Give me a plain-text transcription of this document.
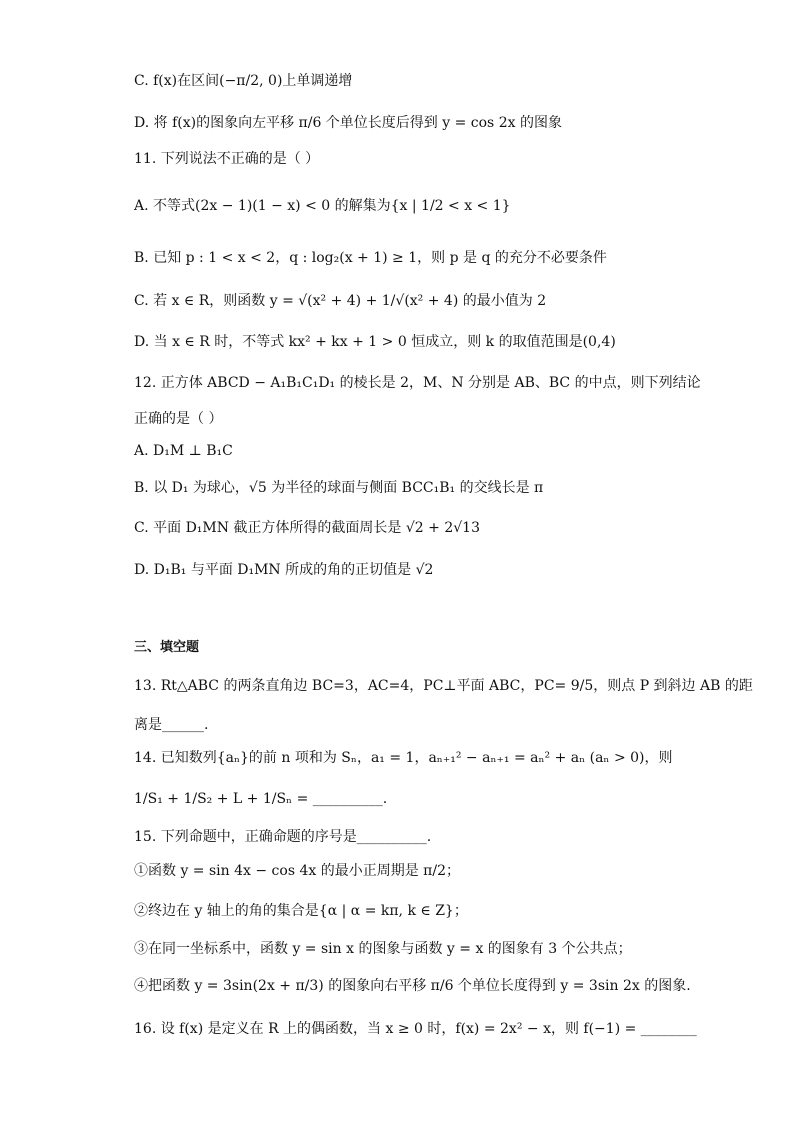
C. f(x)在区间(−π/2, 0)上单调递增
D. 将 f(x)的图象向左平移 π/6 个单位长度后得到 y = cos 2x 的图象
11. 下列说法不正确的是（ ）
A. 不等式(2x − 1)(1 − x) < 0 的解集为{x | 1/2 < x < 1}
B. 已知 p : 1 < x < 2，q : log₂(x + 1) ≥ 1，则 p 是 q 的充分不必要条件
C. 若 x ∈ R，则函数 y = √(x² + 4) + 1/√(x² + 4) 的最小值为 2
D. 当 x ∈ R 时，不等式 kx² + kx + 1 > 0 恒成立，则 k 的取值范围是(0,4)
12. 正方体 ABCD − A₁B₁C₁D₁ 的棱长是 2，M、N 分别是 AB、BC 的中点，则下列结论
正确的是（ ）
A. D₁M ⊥ B₁C
B. 以 D₁ 为球心，√5 为半径的球面与侧面 BCC₁B₁ 的交线长是 π
C. 平面 D₁MN 截正方体所得的截面周长是 √2 + 2√13
D. D₁B₁ 与平面 D₁MN 所成的角的正切值是 √2
三、填空题
13. Rt△ABC 的两条直角边 BC=3，AC=4，PC⊥平面 ABC，PC= 9/5，则点 P 到斜边 AB 的距
离是______.
14. 已知数列{aₙ}的前 n 项和为 Sₙ，a₁ = 1，aₙ₊₁² − aₙ₊₁ = aₙ² + aₙ (aₙ > 0)，则
1/S₁ + 1/S₂ + L + 1/Sₙ = __________.
15. 下列命题中，正确命题的序号是__________.
①函数 y = sin 4x − cos 4x 的最小正周期是 π/2；
②终边在 y 轴上的角的集合是{α | α = kπ, k ∈ Z}；
③在同一坐标系中，函数 y = sin x 的图象与函数 y = x 的图象有 3 个公共点；
④把函数 y = 3sin(2x + π/3) 的图象向右平移 π/6 个单位长度得到 y = 3sin 2x 的图象.
16. 设 f(x) 是定义在 R 上的偶函数，当 x ≥ 0 时，f(x) = 2x² − x，则 f(−1) = ________
